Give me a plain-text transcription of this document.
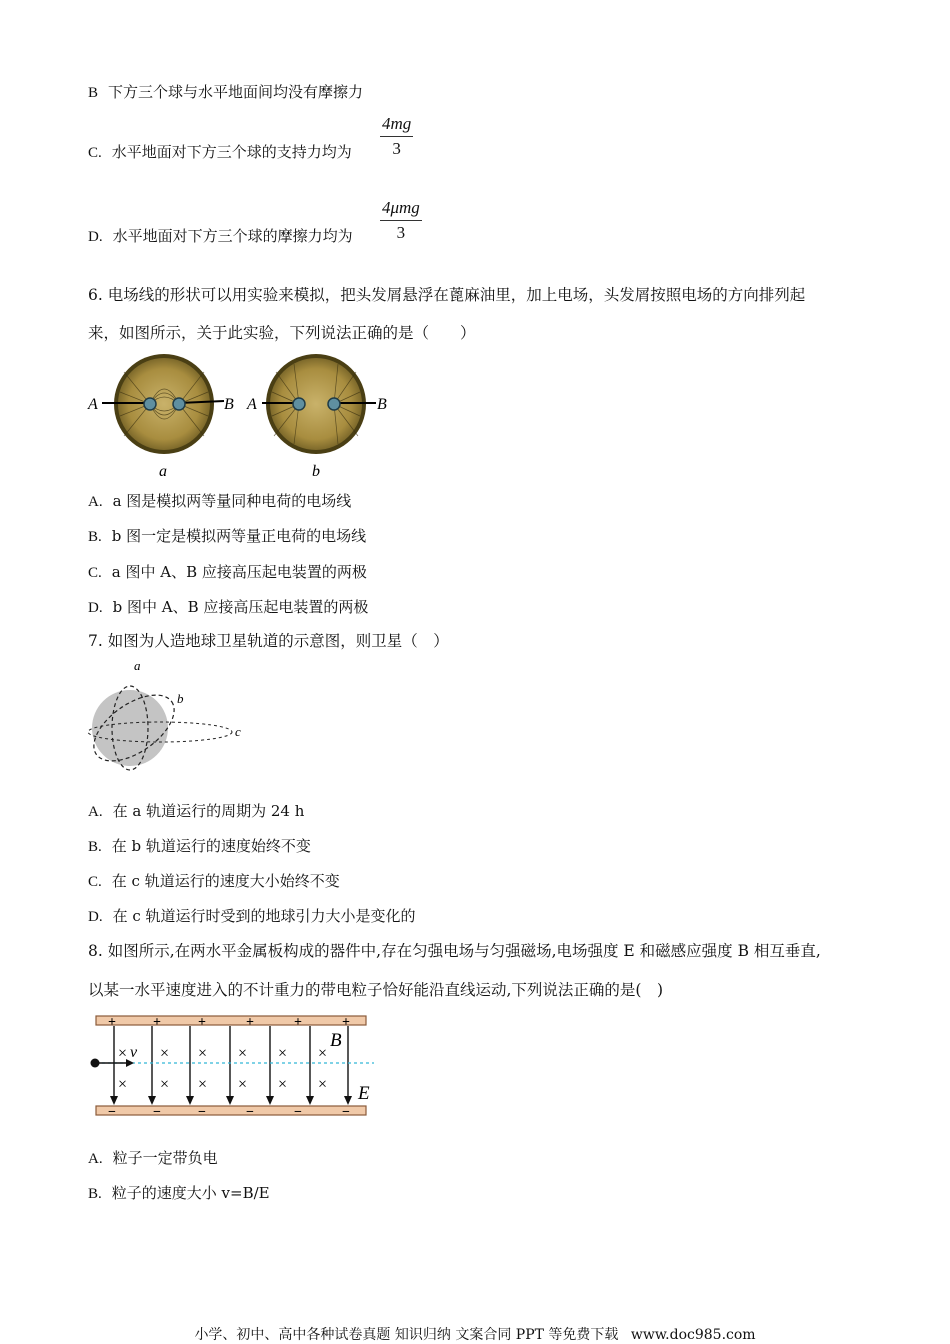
B 下方三个球与水平地面间均没有摩擦力
C. 水平地面对下方三个球的支持力均为 $\frac{4mg}{3}$
D. 水平地面对下方三个球的摩擦力均为
4μmg
3
6. 电场线的形状可以用实验来模拟，把头发屑悬浮在蓖麻油里，加上电场，头发屑按照电场的方向排列起
来，如图所示，关于此实验，下列说法正确的是（　　）
A	B
a
A	B
b
A. a 图是模拟两等量同种电荷的电场线
B. b 图一定是模拟两等量正电荷的电场线
C. a 图中 A、B 应接高压起电装置的两极
D. b 图中 A、B 应接高压起电装置的两极
7. 如图为人造地球卫星轨道的示意图，则卫星（　）
a
b
c
A. 在 a 轨道运行的周期为 24 h
B. 在 b 轨道运行的速度始终不变
C. 在 c 轨道运行的速度大小始终不变
D. 在 c 轨道运行时受到的地球引力大小是变化的
8. 如图所示,在两水平金属板构成的器件中,存在匀强电场与匀强磁场,电场强度 E 和磁感应强度 B 相互垂直,
以某一水平速度进入的不计重力的带电粒子恰好能沿直线运动,下列说法正确的是(　)
+	+	+	+	+	+
−	−	−	−	−	−
× × × × × ×
× × × × × ×
v
B
E
A. 粒子一定带负电
B. 粒子的速度大小 v=B/E
小学、初中、高中各种试卷真题 知识归纳 文案合同 PPT 等免费下载 www.doc985.com
